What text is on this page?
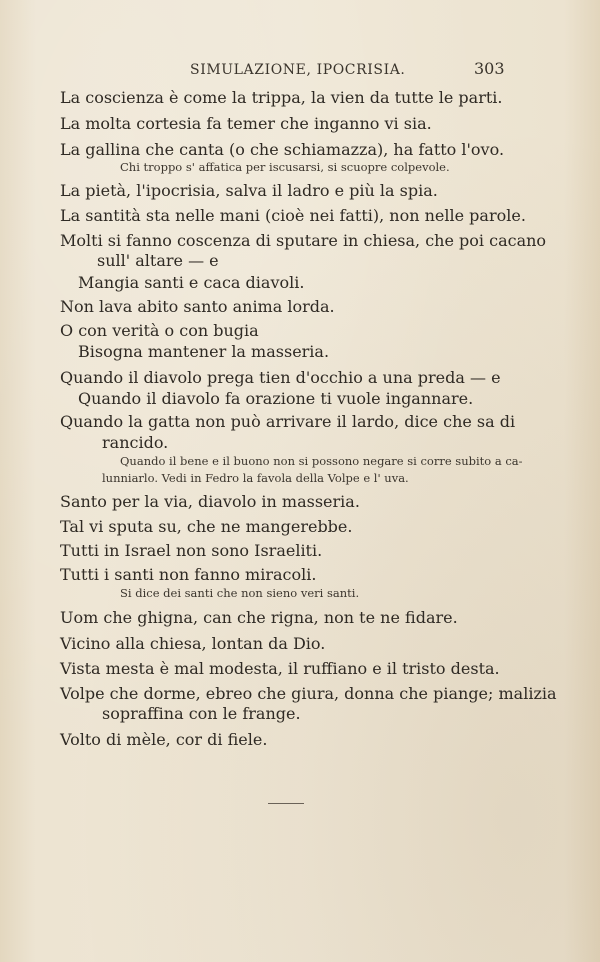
SIMULAZIONE, IPOCRISIA.	303
La coscienza è come la trippa, la vien da tutte le parti.
La molta cortesia fa temer che inganno vi sia.
La gallina che canta (o che schiamazza), ha fatto l'ovo.
Chi troppo s' affatica per iscusarsi, si scuopre colpevole.
La pietà, l'ipocrisia, salva il ladro e più la spia.
La santità sta nelle mani (cioè nei fatti), non nelle parole.
Molti si fanno coscenza di sputare in chiesa, che poi cacano
sull' altare — e
Mangia santi e caca diavoli.
Non lava abito santo anima lorda.
O con verità o con bugia
Bisogna mantener la masseria.
Quando il diavolo prega tien d'occhio a una preda — e
Quando il diavolo fa orazione ti vuole ingannare.
Quando la gatta non può arrivare il lardo, dice che sa di
rancido.
Quando il bene e il buono non si possono negare si corre subito a ca-
lunniarlo. Vedi in Fedro la favola della Volpe e l' uva.
Santo per la via, diavolo in masseria.
Tal vi sputa su, che ne mangerebbe.
Tutti in Israel non sono Israeliti.
Tutti i santi non fanno miracoli.
Si dice dei santi che non sieno veri santi.
Uom che ghigna, can che rigna, non te ne fidare.
Vicino alla chiesa, lontan da Dio.
Vista mesta è mal modesta, il ruffiano e il tristo desta.
Volpe che dorme, ebreo che giura, donna che piange; malizia
sopraffina con le frange.
Volto di mèle, cor di fiele.
